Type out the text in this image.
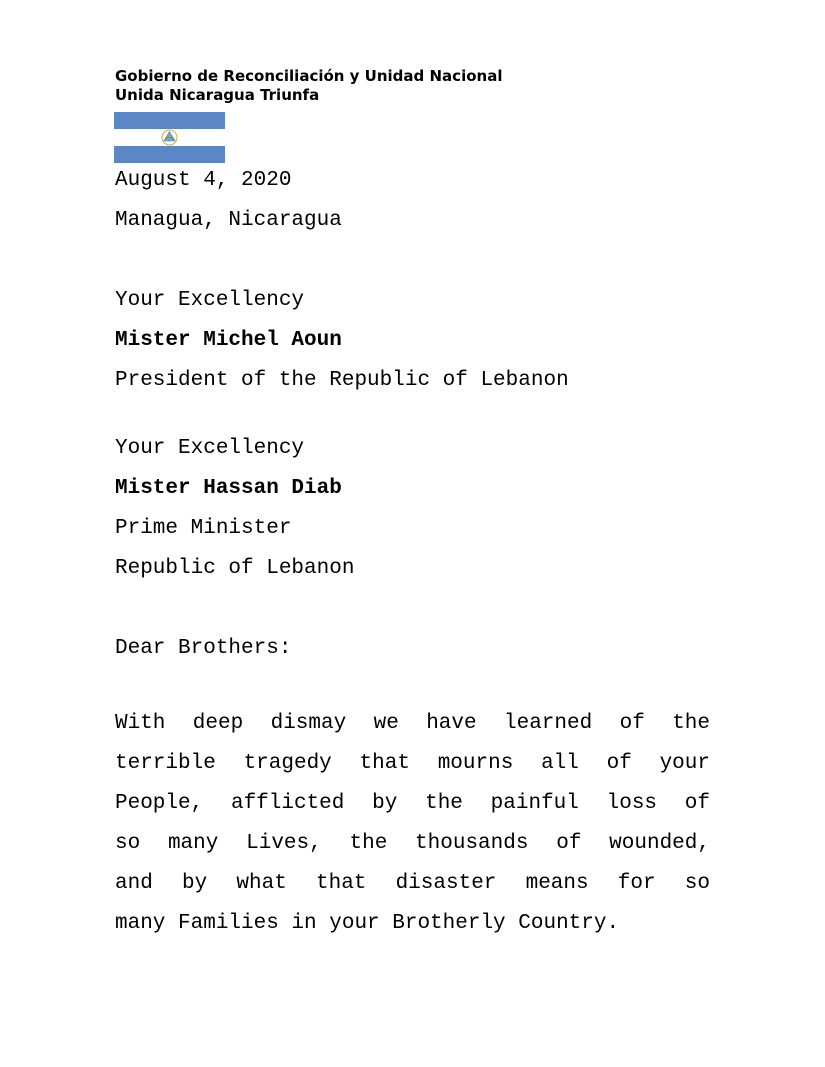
Gobierno de Reconciliación y Unidad Nacional
Unida Nicaragua Triunfa
August 4, 2020
Managua, Nicaragua
Your Excellency
Mister Michel Aoun
President of the Republic of Lebanon
Your Excellency
Mister Hassan Diab
Prime Minister
Republic of Lebanon
Dear Brothers:
With deep dismay we have learned of the
terrible tragedy that mourns all of your
People, afflicted by the painful loss of
so many Lives, the thousands of wounded,
and by what that disaster means for so
many Families in your Brotherly Country.
